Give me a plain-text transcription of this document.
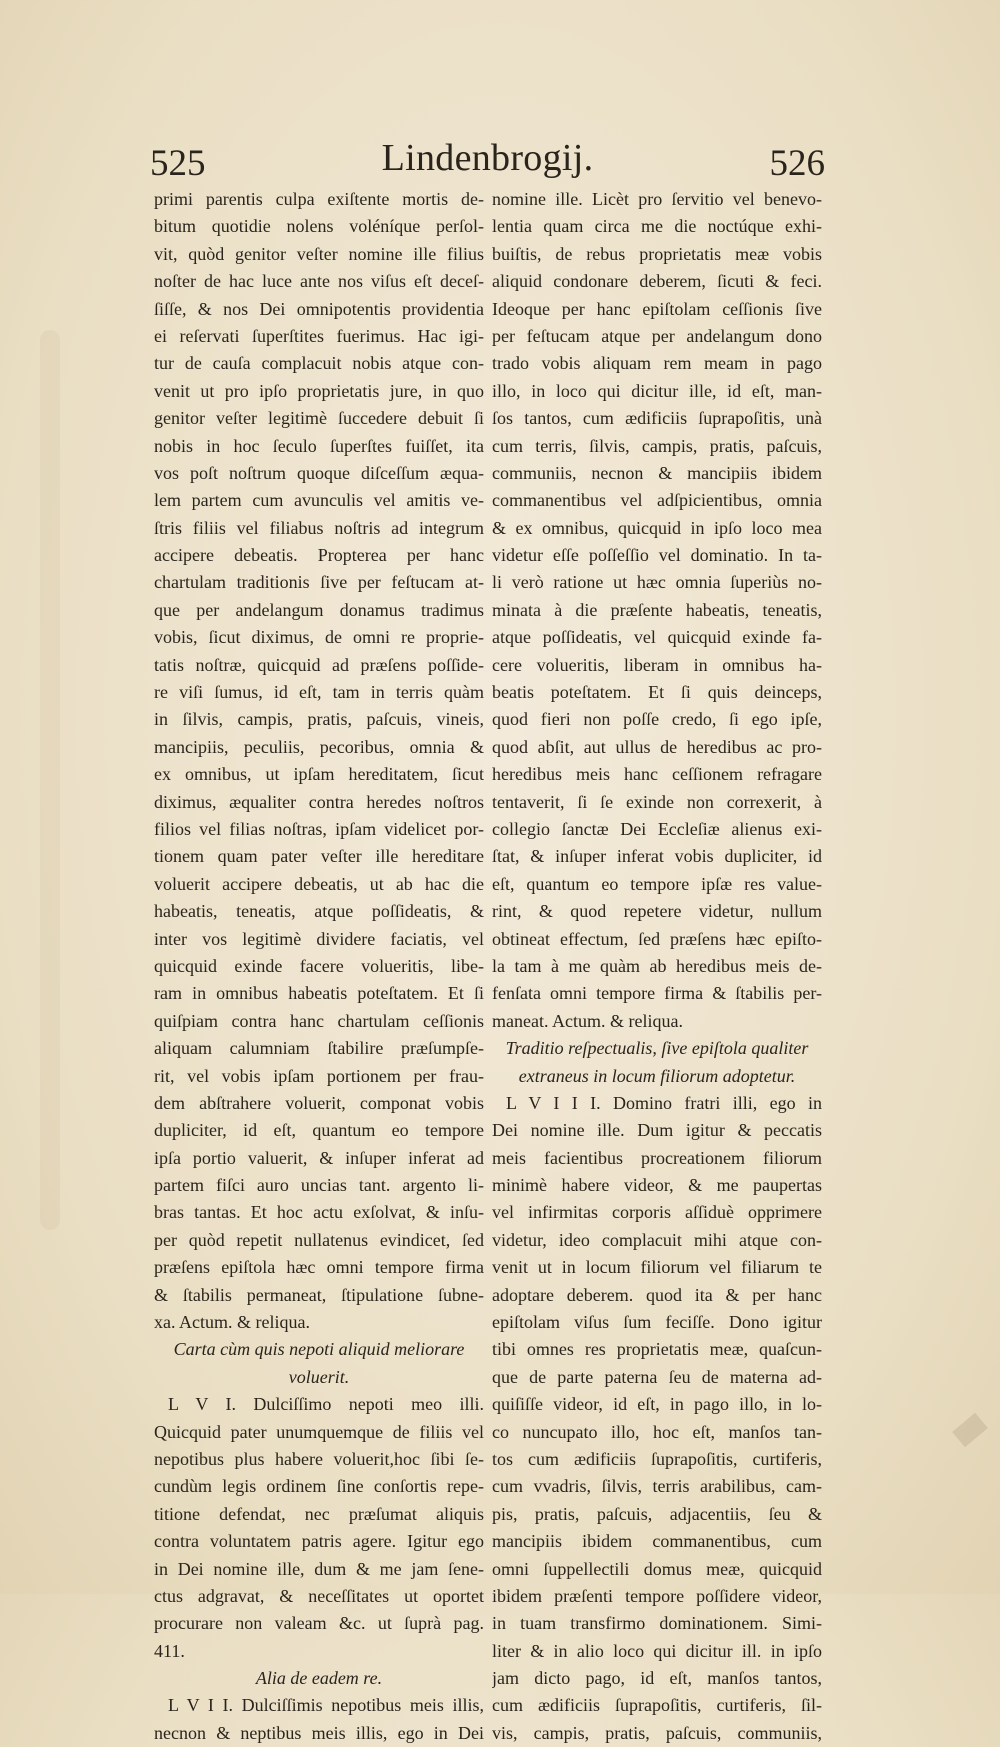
525	Lindenbrogij.	526
primi parentis culpa exiſtente mortis de-
bitum quotidie nolens voléníque perſol-
vit, quòd genitor veſter nomine ille filius
noſter de hac luce ante nos viſus eſt deceſ-
ſiſſe, & nos Dei omnipotentis providentia
ei reſervati ſuperſtites fuerimus. Hac igi-
tur de cauſa complacuit nobis atque con-
venit ut pro ipſo proprietatis jure, in quo
genitor veſter legitimè ſuccedere debuit ſi
nobis in hoc ſeculo ſuperſtes fuiſſet, ita
vos poſt noſtrum quoque diſceſſum æqua-
lem partem cum avunculis vel amitis ve-
ſtris filiis vel filiabus noſtris ad integrum
accipere debeatis. Propterea per hanc
chartulam traditionis ſive per feſtucam at-
que per andelangum donamus tradimus
vobis, ſicut diximus, de omni re proprie-
tatis noſtræ, quicquid ad præſens poſſide-
re viſi ſumus, id eſt, tam in terris quàm
in ſilvis, campis, pratis, paſcuis, vineis,
mancipiis, peculiis, pecoribus, omnia &
ex omnibus, ut ipſam hereditatem, ſicut
diximus, æqualiter contra heredes noſtros
filios vel filias noſtras, ipſam videlicet por-
tionem quam pater veſter ille hereditare
voluerit accipere debeatis, ut ab hac die
habeatis, teneatis, atque poſſideatis, &
inter vos legitimè dividere faciatis, vel
quicquid exinde facere volueritis, libe-
ram in omnibus habeatis poteſtatem. Et ſi
quiſpiam contra hanc chartulam ceſſionis
aliquam calumniam ſtabilire præſumpſe-
rit, vel vobis ipſam portionem per frau-
dem abſtrahere voluerit, componat vobis
dupliciter, id eſt, quantum eo tempore
ipſa portio valuerit, & inſuper inferat ad
partem fiſci auro uncias tant. argento li-
bras tantas. Et hoc actu exſolvat, & inſu-
per quòd repetit nullatenus evindicet, ſed
præſens epiſtola hæc omni tempore firma
& ſtabilis permaneat, ſtipulatione ſubne-
xa. Actum. & reliqua.
Carta cùm quis nepoti aliquid meliorare
voluerit.
L V I. Dulciſſimo nepoti meo illi.
Quicquid pater unumquemque de filiis vel
nepotibus plus habere voluerit,hoc ſibi ſe-
cundùm legis ordinem ſine conſortis repe-
titione defendat, nec præſumat aliquis
contra voluntatem patris agere. Igitur ego
in Dei nomine ille, dum & me jam ſene-
ctus adgravat, & neceſſitates ut oportet
procurare non valeam &c. ut ſuprà pag.
411.
Alia de eadem re.
L V I I. Dulciſſimis nepotibus meis illis,
necnon & neptibus meis illis, ego in Dei
nomine ille. Licèt pro ſervitio vel benevo-
lentia quam circa me die noctúque exhi-
buiſtis, de rebus proprietatis meæ vobis
aliquid condonare deberem, ſicuti & feci.
Ideoque per hanc epiſtolam ceſſionis ſive
per feſtucam atque per andelangum dono
trado vobis aliquam rem meam in pago
illo, in loco qui dicitur ille, id eſt, man-
ſos tantos, cum ædificiis ſuprapoſitis, unà
cum terris, ſilvis, campis, pratis, paſcuis,
communiis, necnon & mancipiis ibidem
commanentibus vel adſpicientibus, omnia
& ex omnibus, quicquid in ipſo loco mea
videtur eſſe poſſeſſio vel dominatio. In ta-
li verò ratione ut hæc omnia ſuperiùs no-
minata à die præſente habeatis, teneatis,
atque poſſideatis, vel quicquid exinde fa-
cere volueritis, liberam in omnibus ha-
beatis poteſtatem. Et ſi quis deinceps,
quod fieri non poſſe credo, ſi ego ipſe,
quod abſit, aut ullus de heredibus ac pro-
heredibus meis hanc ceſſionem refragare
tentaverit, ſi ſe exinde non correxerit, à
collegio ſanctæ Dei Eccleſiæ alienus exi-
ſtat, & inſuper inferat vobis dupliciter, id
eſt, quantum eo tempore ipſæ res value-
rint, & quod repetere videtur, nullum
obtineat effectum, ſed præſens hæc epiſto-
la tam à me quàm ab heredibus meis de-
fenſata omni tempore firma & ſtabilis per-
maneat. Actum. & reliqua.
Traditio reſpectualis, ſive epiſtola qualiter
extraneus in locum filiorum adoptetur.
L V I I I. Domino fratri illi, ego in
Dei nomine ille. Dum igitur & peccatis
meis facientibus procreationem filiorum
minimè habere videor, & me paupertas
vel infirmitas corporis aſſiduè opprimere
videtur, ideo complacuit mihi atque con-
venit ut in locum filiorum vel filiarum te
adoptare deberem. quod ita & per hanc
epiſtolam viſus ſum feciſſe. Dono igitur
tibi omnes res proprietatis meæ, quaſcun-
que de parte paterna ſeu de materna ad-
quiſiſſe videor, id eſt, in pago illo, in lo-
co nuncupato illo, hoc eſt, manſos tan-
tos cum ædificiis ſuprapoſitis, curtiferis,
cum vvadris, ſilvis, terris arabilibus, cam-
pis, pratis, paſcuis, adjacentiis, ſeu &
mancipiis ibidem commanentibus, cum
omni ſuppellectili domus meæ, quicquid
ibidem præſenti tempore poſſidere videor,
in tuam transfirmo dominationem. Simi-
liter & in alio loco qui dicitur ill. in ipſo
jam dicto pago, id eſt, manſos tantos,
cum ædificiis ſuprapoſitis, curtiferis, ſil-
vis, campis, pratis, paſcuis, communiis,
